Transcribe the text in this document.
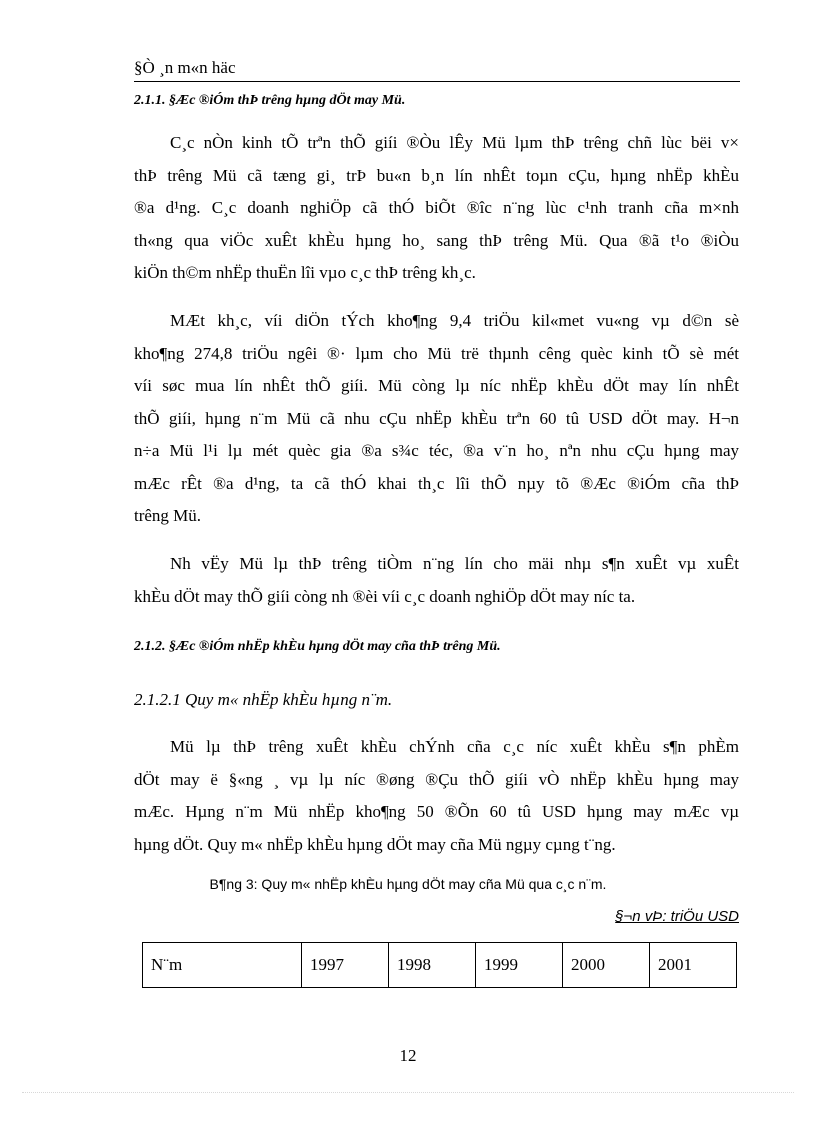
§Ò ¸n m«n häc
2.1.1. §Æc ®iÓm thÞ trêng hµng dÖt may Mü.
C¸c nÒn kinh tÕ trªn thÕ giíi ®Òu lÊy Mü lµm thÞ trêng chñ lùc bëi v×
thÞ trêng Mü cã tæng gi¸ trÞ bu«n b¸n lín nhÊt toµn cÇu, hµng nhËp khÈu
®a d¹ng. C¸c doanh nghiÖp cã thÓ biÕt ®îc n¨ng lùc c¹nh tranh cña m×nh
th«ng qua viÖc xuÊt khÈu hµng ho¸ sang thÞ trêng Mü. Qua ®ã t¹o ®iÒu
kiÖn th©m nhËp thuËn lîi vµo c¸c thÞ trêng kh¸c.
MÆt kh¸c, víi diÖn tÝch kho¶ng 9,4 triÖu kil«met vu«ng vµ d©n sè
kho¶ng 274,8 triÖu ngêi ®· lµm cho Mü trë thµnh cêng quèc kinh tÕ sè mét
víi søc mua lín nhÊt thÕ giíi. Mü còng lµ níc nhËp khÈu dÖt may lín nhÊt
thÕ giíi, hµng n¨m Mü cã nhu cÇu nhËp khÈu trªn 60 tû USD dÖt may. H¬n
n÷a Mü l¹i lµ mét quèc gia ®a s¾c téc, ®a v¨n ho¸ nªn nhu cÇu hµng may
mÆc rÊt ®a d¹ng, ta cã thÓ khai th¸c lîi thÕ nµy tõ ®Æc ®iÓm cña thÞ
trêng Mü.
Nh vËy Mü lµ thÞ trêng tiÒm n¨ng lín cho mäi nhµ s¶n xuÊt vµ xuÊt
khÈu dÖt may thÕ giíi còng nh ®èi víi c¸c doanh nghiÖp dÖt may níc ta.
2.1.2. §Æc ®iÓm nhËp khÈu hµng dÖt may cña thÞ trêng Mü.
2.1.2.1 Quy m« nhËp khÈu hµng n¨m.
Mü lµ thÞ trêng xuÊt khÈu chÝnh cña c¸c níc xuÊt khÈu s¶n phÈm
dÖt may ë §«ng ¸ vµ lµ níc ®øng ®Çu thÕ giíi vÒ nhËp khÈu hµng may
mÆc. Hµng n¨m Mü nhËp kho¶ng 50 ®Õn 60 tû USD hµng may mÆc vµ
hµng dÖt. Quy m« nhËp khÈu hµng dÖt may cña Mü ngµy cµng t¨ng.
B¶ng 3: Quy m« nhËp khÈu hµng dÖt may cña Mü qua c¸c n¨m.
§¬n vÞ: triÖu USD
N¨m	1997	1998	1999	2000	2001
12
